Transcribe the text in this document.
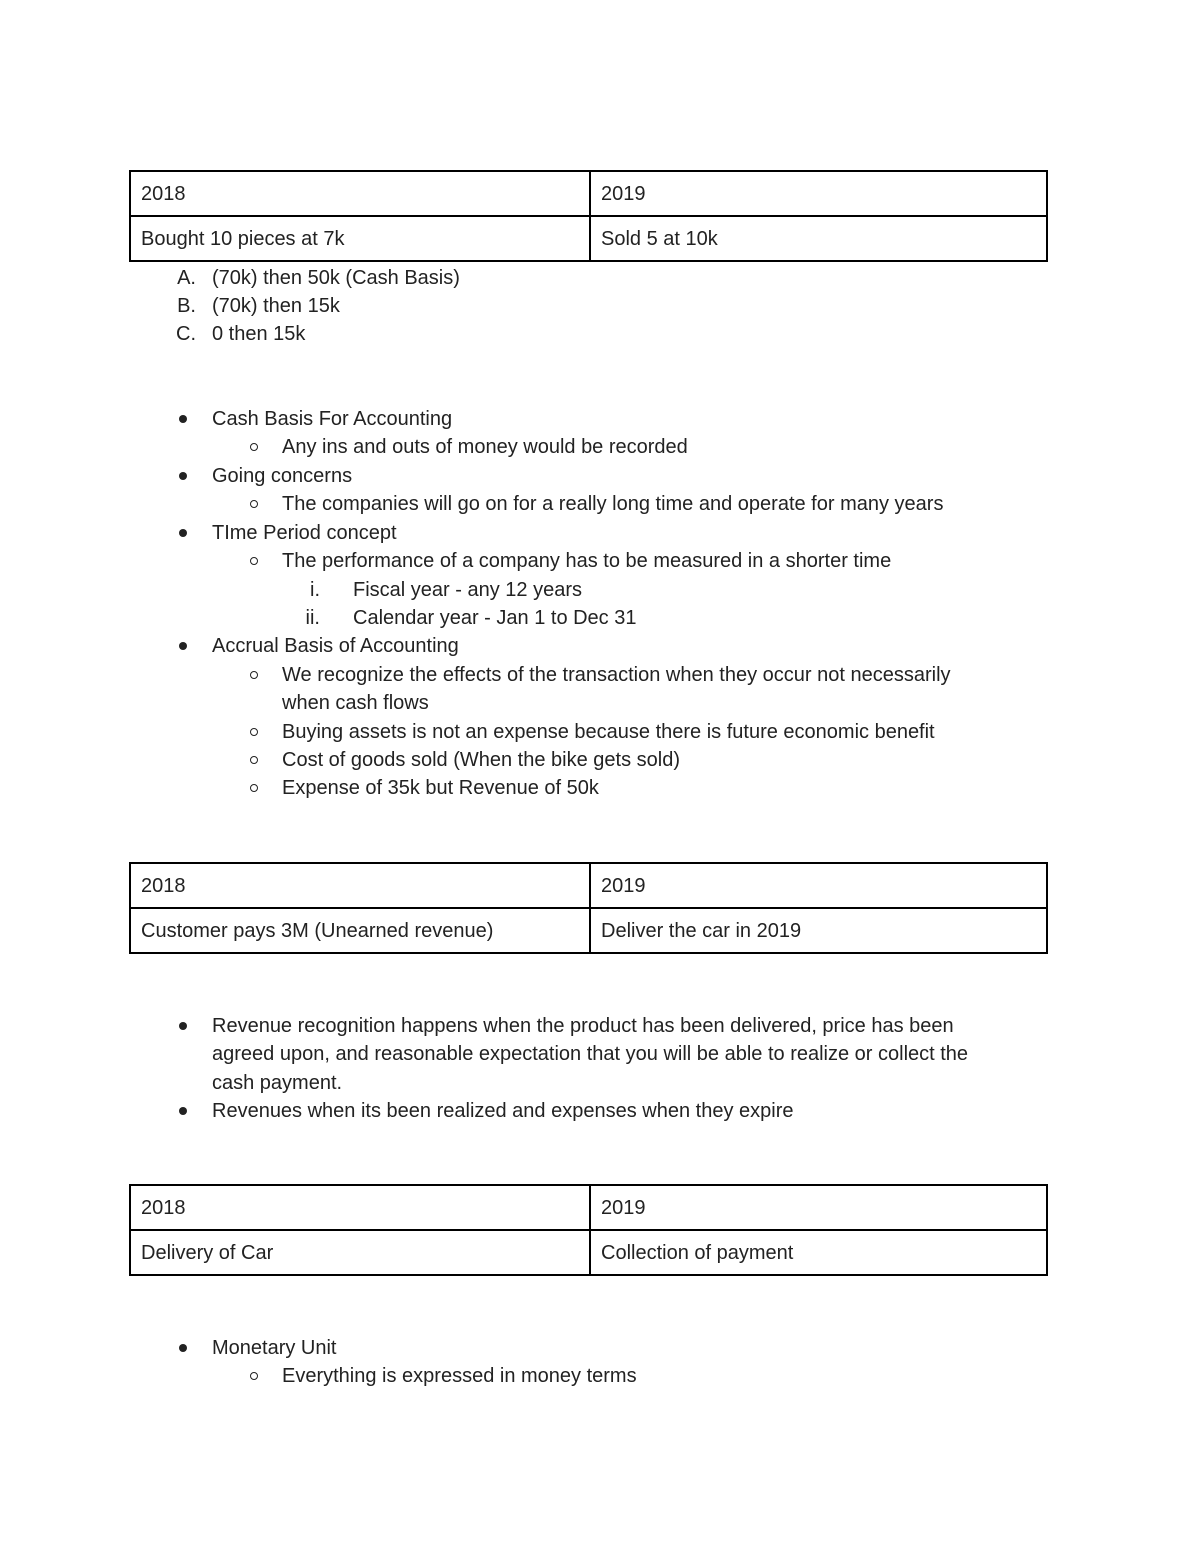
2018	2019
Bought 10 pieces at 7k	Sold 5 at 10k
A. (70k) then 50k (Cash Basis)
B. (70k) then 15k
C. 0 then 15k
Cash Basis For Accounting
Any ins and outs of money would be recorded
Going concerns
The companies will go on for a really long time and operate for many years
TIme Period concept
The performance of a company has to be measured in a shorter time
i. Fiscal year - any 12 years
ii. Calendar year - Jan 1 to Dec 31
Accrual Basis of Accounting
We recognize the effects of the transaction when they occur not necessarily
when cash flows
Buying assets is not an expense because there is future economic benefit
Cost of goods sold (When the bike gets sold)
Expense of 35k but Revenue of 50k
2018	2019
Customer pays 3M (Unearned revenue)	Deliver the car in 2019
Revenue recognition happens when the product has been delivered, price has been
agreed upon, and reasonable expectation that you will be able to realize or collect the
cash payment.
Revenues when its been realized and expenses when they expire
2018	2019
Delivery of Car	Collection of payment
Monetary Unit
Everything is expressed in money terms
